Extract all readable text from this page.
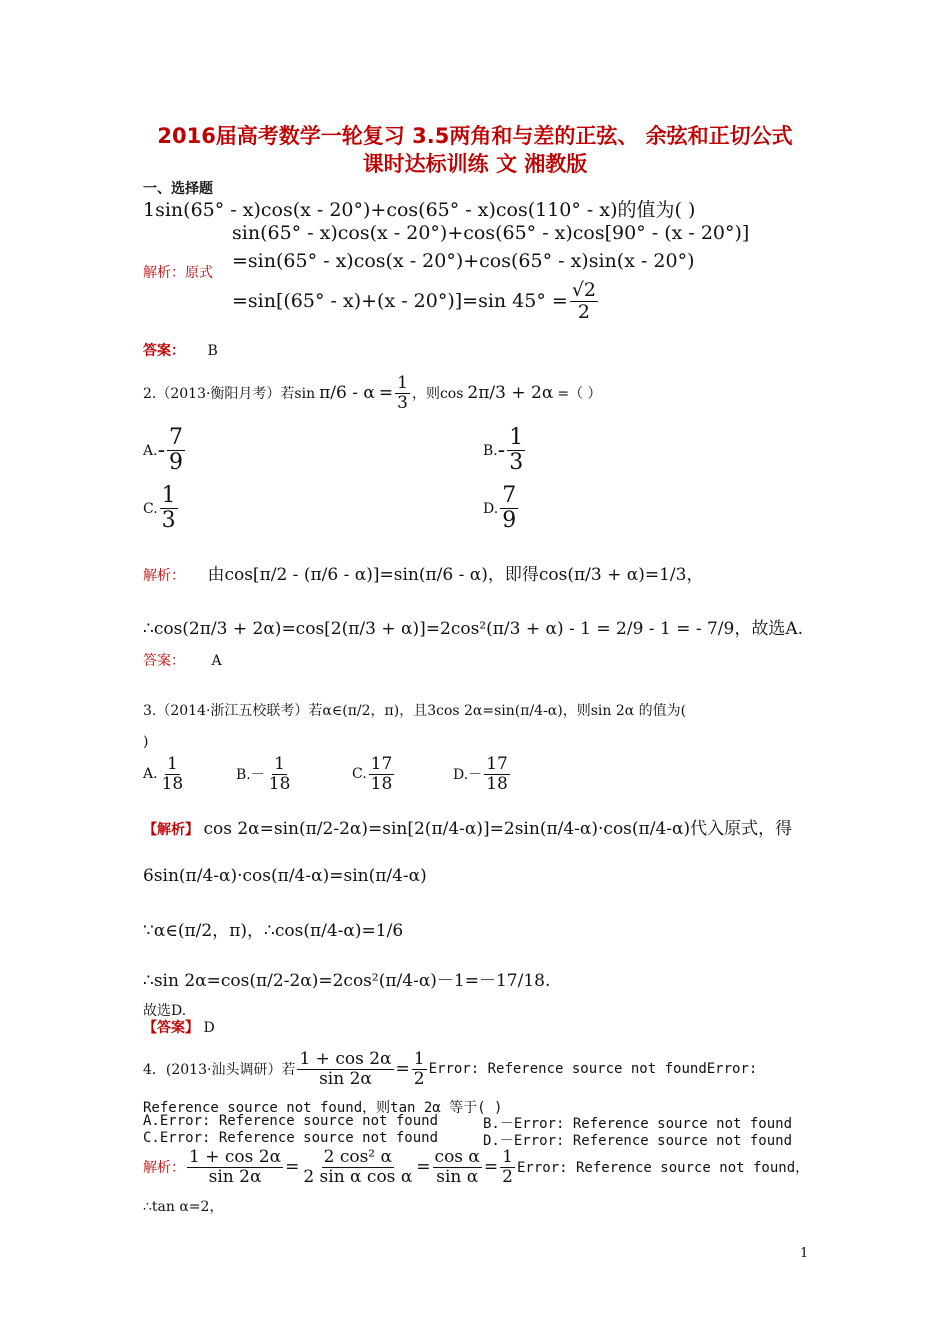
2016届高考数学一轮复习 3.5两角和与差的正弦、 余弦和正切公式
课时达标训练 文 湘教版
一、选择题
1sin(65° - x)cos(x - 20°)+cos(65° - x)cos(110° - x)的值为( )
sin(65° - x)cos(x - 20°)+cos(65° - x)cos[90° - (x - 20°)]
解析：原式
=sin(65° - x)cos(x - 20°)+cos(65° - x)sin(x - 20°)
=sin[(65° - x)+(x - 20°)]=sin $45^\circ = \frac{√2}{2}$
答案： B
2.（2013·衡阳月考）若$\sin \pi/6 - \alpha = \frac{1}{3}$ ，则cos 2π/3 + 2α =（ ）
A. - $\frac{7}{9}$	B. - $\frac{1}{3}$
C. $\frac{1}{3}$	D. $\frac{7}{9}$
解析： 由cos[π/2 - (π/6 - α)]=sin(π/6 - α)，即得cos(π/3 + α)=1/3，
∴cos(2π/3 + 2α)=cos[2(π/3 + α)]=2cos²(π/3 + α) - 1 = 2/9 - 1 = - 7/9，故选A.
答案： A
3.（2014·浙江五校联考）若α∈(π/2，π)，且3cos 2α=sin(π/4-α)，则sin 2α 的值为(
)
A. $\frac{1}{18}$	$B.- \frac{1}{18}$	C. $\frac{17}{18}$	$D.- \frac{17}{18}$
【解析】 cos 2α=sin(π/2-2α)=sin[2(π/4-α)]=2sin(π/4-α)·cos(π/4-α)代入原式，得
6sin(π/4-α)·cos(π/4-α)=sin(π/4-α)
∵α∈(π/2，π)，∴cos(π/4-α)=1/6
∴sin 2α=cos(π/2-2α)=2cos²(π/4-α)－1=－17/18.
故选D.
【答案】 D
4．(2013·汕头调研）若 $\frac{1 + \cos 2\alpha}{\sin 2\alpha} = \frac{1}{2}$ Error: Reference source not foundError:
Reference source not found，则tan 2α 等于( )
A.Error: Reference source not found	B.－Error: Reference source not found
C.Error: Reference source not found	D.－Error: Reference source not found
解析： $\frac{1 + \cos 2\alpha}{\sin 2\alpha} = \frac{\text{2 cos² α}}{\text{2 sin α cos α}} = \frac{\text{cos α}}{\text{sin α}} = \frac{1}{2}$ Error: Reference source not found，
∴tan α=2，
1
